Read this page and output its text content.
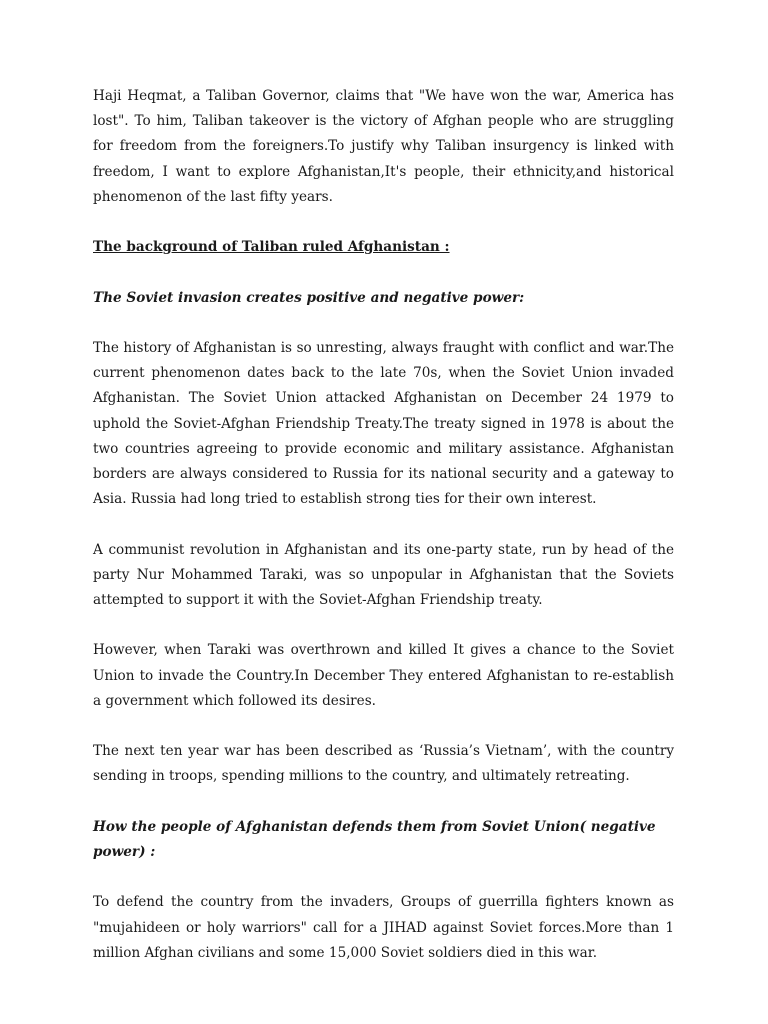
Haji Heqmat, a Taliban Governor, claims that "We have won the war, America has lost". To him, Taliban takeover is the victory of Afghan people who are struggling for freedom from the foreigners.To justify why Taliban insurgency is linked with freedom, I want to explore Afghanistan,It's people, their ethnicity,and historical phenomenon of the last fifty years.

The background of Taliban ruled Afghanistan :

The Soviet invasion creates positive and negative power:

The history of Afghanistan is so unresting, always fraught with conflict and war.The current phenomenon dates back to the late 70s, when the Soviet Union invaded Afghanistan. The Soviet Union attacked Afghanistan on December 24 1979 to uphold the Soviet-Afghan Friendship Treaty.The treaty signed in 1978 is about the two countries agreeing to provide economic and military assistance. Afghanistan borders are always considered to Russia for its national security and a gateway to Asia. Russia had long tried to establish strong ties for their own interest.

A communist revolution in Afghanistan and its one-party state, run by head of the party Nur Mohammed Taraki, was so unpopular in Afghanistan that the Soviets attempted to support it with the Soviet-Afghan Friendship treaty.

However, when Taraki was overthrown and killed It gives a chance to the Soviet Union to invade the Country.In December They entered Afghanistan to re-establish a government which followed its desires.

The next ten year war has been described as ‘Russia’s Vietnam’, with the country sending in troops, spending millions to the country, and ultimately retreating.

How the people of Afghanistan defends them from Soviet Union( negative power) :

To defend the country from the invaders, Groups of guerrilla fighters known as "mujahideen or holy warriors" call for a JIHAD against Soviet forces.More than 1 million Afghan civilians and some 15,000 Soviet soldiers died in this war.
